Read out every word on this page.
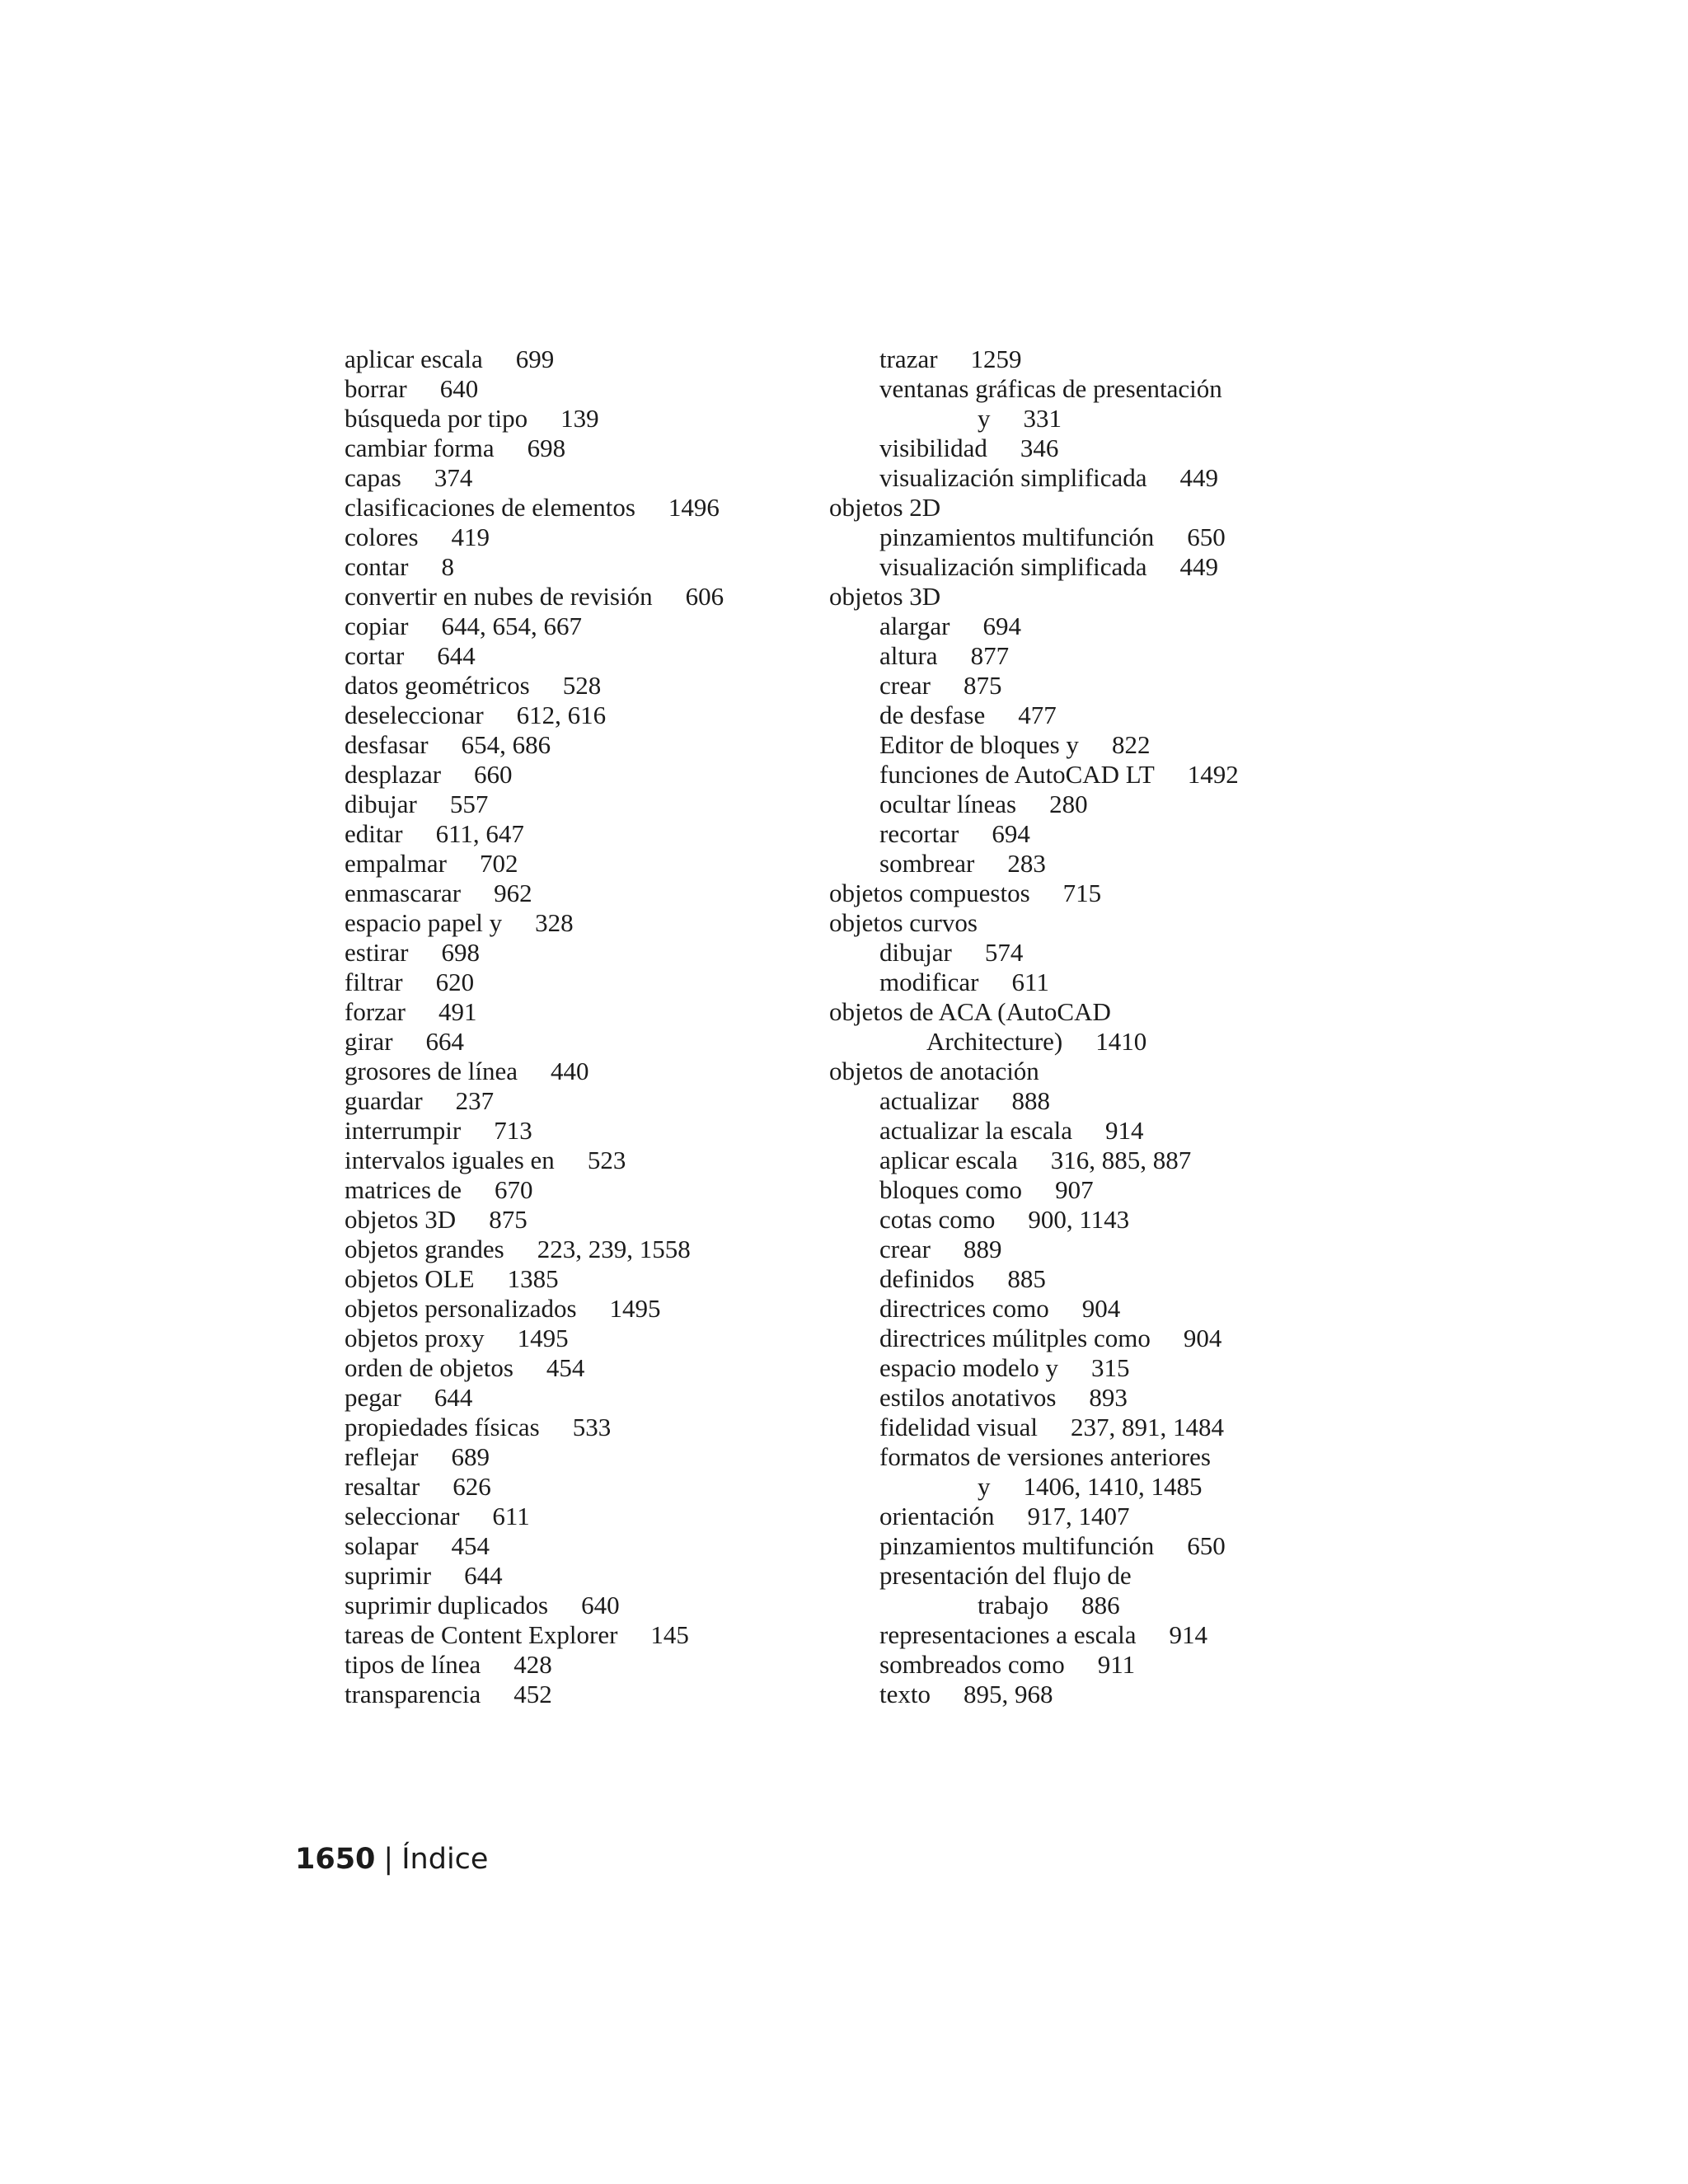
aplicar escala 699
borrar 640
búsqueda por tipo 139
cambiar forma 698
capas 374
clasificaciones de elementos 1496
colores 419
contar 8
convertir en nubes de revisión 606
copiar 644, 654, 667
cortar 644
datos geométricos 528
deseleccionar 612, 616
desfasar 654, 686
desplazar 660
dibujar 557
editar 611, 647
empalmar 702
enmascarar 962
espacio papel y 328
estirar 698
filtrar 620
forzar 491
girar 664
grosores de línea 440
guardar 237
interrumpir 713
intervalos iguales en 523
matrices de 670
objetos 3D 875
objetos grandes 223, 239, 1558
objetos OLE 1385
objetos personalizados 1495
objetos proxy 1495
orden de objetos 454
pegar 644
propiedades físicas 533
reflejar 689
resaltar 626
seleccionar 611
solapar 454
suprimir 644
suprimir duplicados 640
tareas de Content Explorer 145
tipos de línea 428
transparencia 452
trazar 1259
ventanas gráficas de presentación
y 331
visibilidad 346
visualización simplificada 449
objetos 2D
pinzamientos multifunción 650
visualización simplificada 449
objetos 3D
alargar 694
altura 877
crear 875
de desfase 477
Editor de bloques y 822
funciones de AutoCAD LT 1492
ocultar líneas 280
recortar 694
sombrear 283
objetos compuestos 715
objetos curvos
dibujar 574
modificar 611
objetos de ACA (AutoCAD
Architecture) 1410
objetos de anotación
actualizar 888
actualizar la escala 914
aplicar escala 316, 885, 887
bloques como 907
cotas como 900, 1143
crear 889
definidos 885
directrices como 904
directrices múlitples como 904
espacio modelo y 315
estilos anotativos 893
fidelidad visual 237, 891, 1484
formatos de versiones anteriores
y 1406, 1410, 1485
orientación 917, 1407
pinzamientos multifunción 650
presentación del flujo de
trabajo 886
representaciones a escala 914
sombreados como 911
texto 895, 968
1650 | Índice
